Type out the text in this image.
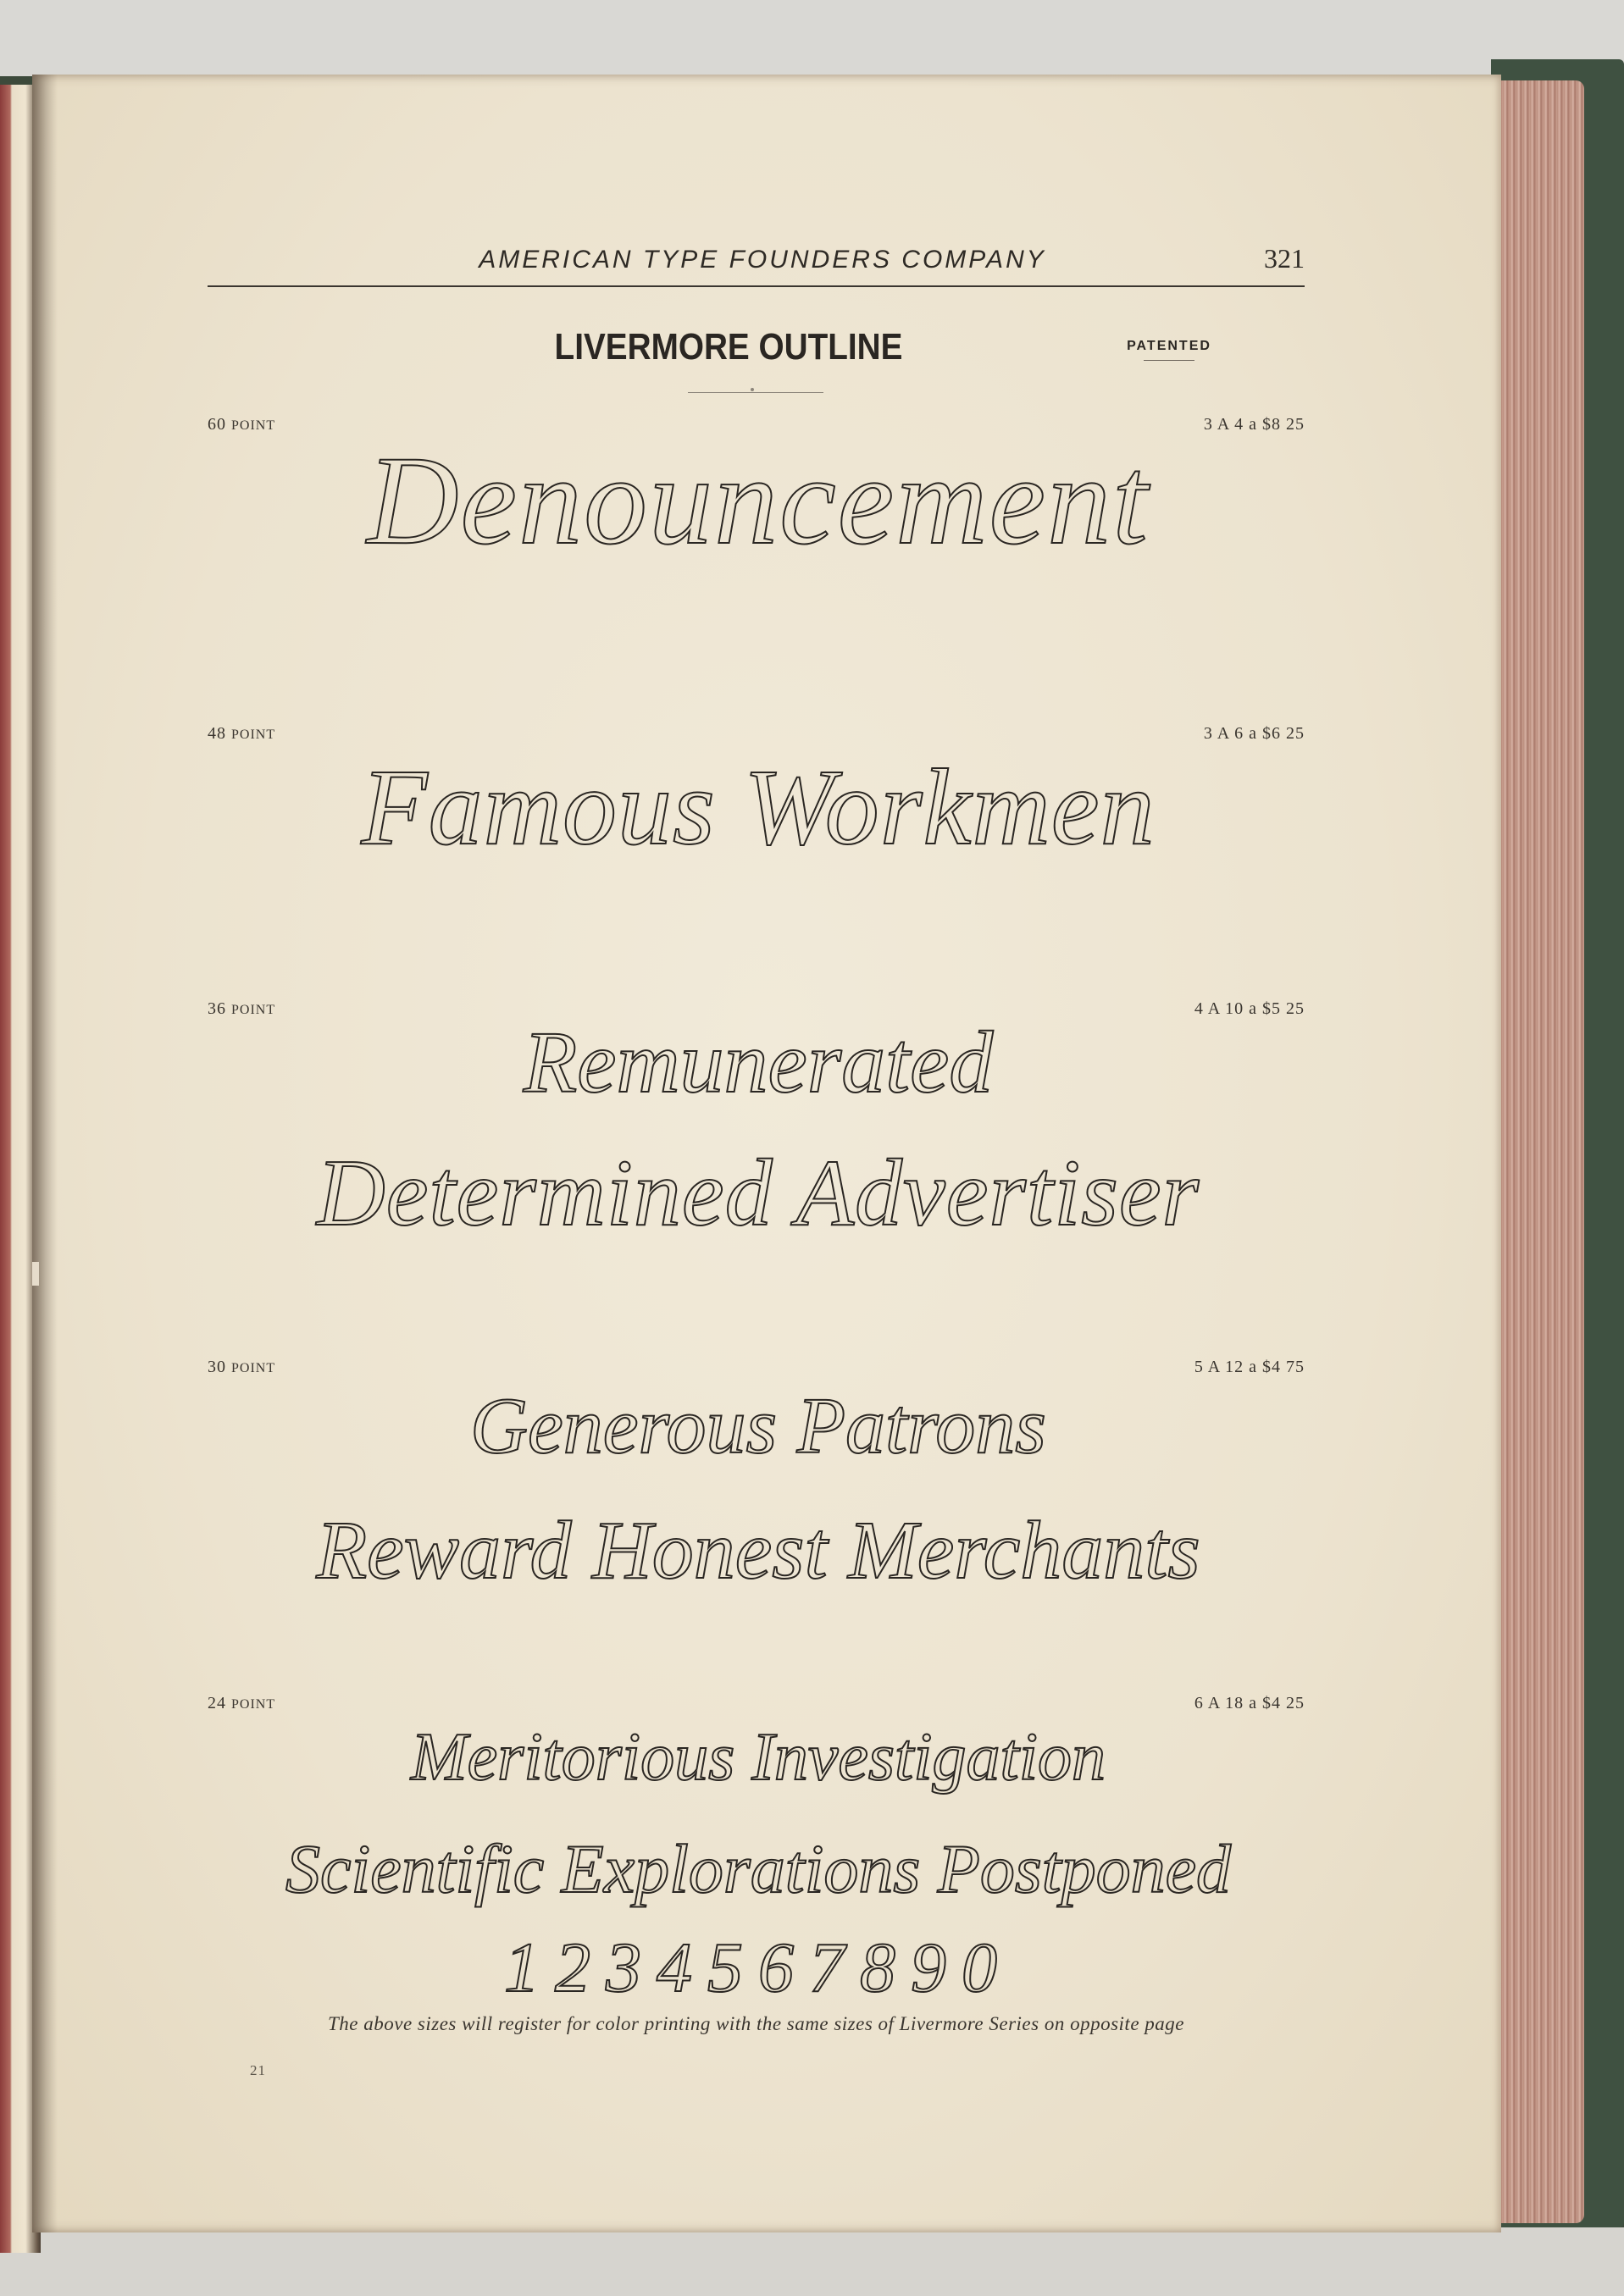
AMERICAN TYPE FOUNDERS COMPANY	321
LIVERMORE OUTLINE	PATENTED
60 POINT	3 A 4 a $8 25
Denouncement
48 POINT	3 A 6 a $6 25
Famous Workmen
36 POINT	4 A 10 a $5 25
Remunerated
Determined Advertiser
30 POINT	5 A 12 a $4 75
Generous Patrons
Reward Honest Merchants
24 POINT	6 A 18 a $4 25
Meritorious Investigation
Scientific Explorations Postponed
1234567890
The above sizes will register for color printing with the same sizes of Livermore Series on opposite page
21
